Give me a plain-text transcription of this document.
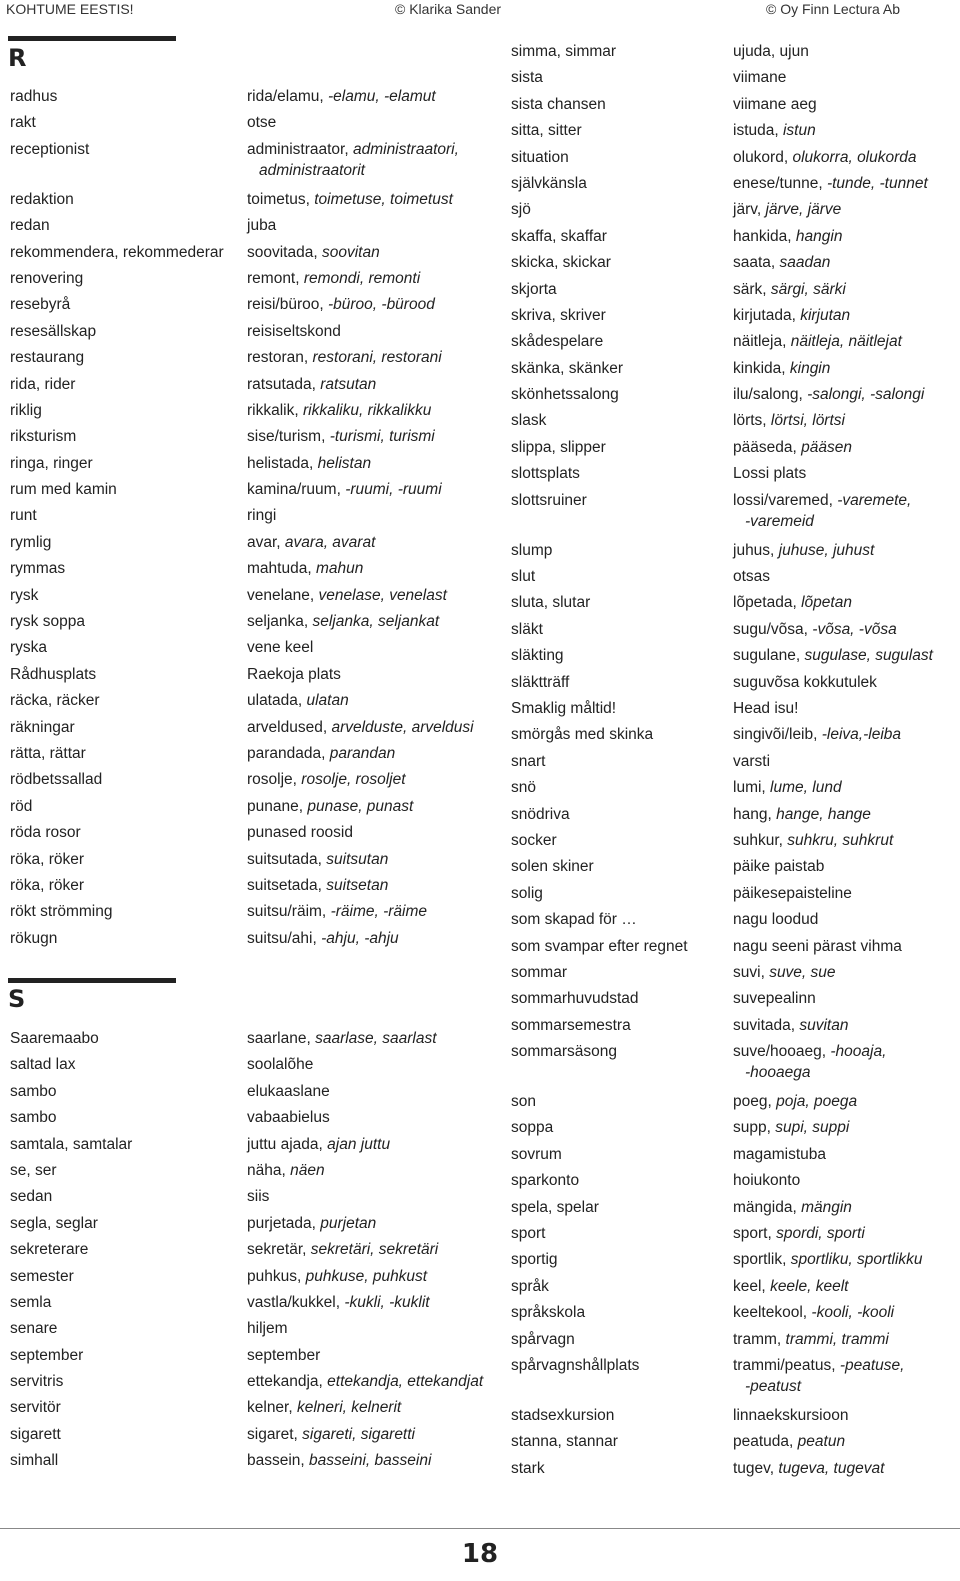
KOHTUME EESTIS!	© Klarika Sander	© Oy Finn Lectura Ab
R
radhus	rida/elamu, -elamu, -elamut
rakt	otse
receptionist	administraator, administraatori,
administraatorit
redaktion	toimetus, toimetuse, toimetust
redan	juba
rekommendera, rekommederar	soovitada, soovitan
renovering	remont, remondi, remonti
resebyrå	reisi/büroo, -büroo, -bürood
resesällskap	reisiseltskond
restaurang	restoran, restorani, restorani
rida, rider	ratsutada, ratsutan
riklig	rikkalik, rikkaliku, rikkalikku
riksturism	sise/turism, -turismi, turismi
ringa, ringer	helistada, helistan
rum med kamin	kamina/ruum, -ruumi, -ruumi
runt	ringi
rymlig	avar, avara, avarat
rymmas	mahtuda, mahun
rysk	venelane, venelase, venelast
rysk soppa	seljanka, seljanka, seljankat
ryska	vene keel
Rådhusplats	Raekoja plats
räcka, räcker	ulatada, ulatan
räkningar	arveldused, arvelduste, arveldusi
rätta, rättar	parandada, parandan
rödbetssallad	rosolje, rosolje, rosoljet
röd	punane, punase, punast
röda rosor	punased roosid
röka, röker	suitsutada, suitsutan
röka, röker	suitsetada, suitsetan
rökt strömming	suitsu/räim, -räime, -räime
rökugn	suitsu/ahi, -ahju, -ahju
S
Saaremaabo	saarlane, saarlase, saarlast
saltad lax	soolalõhe
sambo	elukaaslane
sambo	vabaabielus
samtala, samtalar	juttu ajada, ajan juttu
se, ser	näha, näen
sedan	siis
segla, seglar	purjetada, purjetan
sekreterare	sekretär, sekretäri, sekretäri
semester	puhkus, puhkuse, puhkust
semla	vastla/kukkel, -kukli, -kuklit
senare	hiljem
september	september
servitris	ettekandja, ettekandja, ettekandjat
servitör	kelner, kelneri, kelnerit
sigarett	sigaret, sigareti, sigaretti
simhall	bassein, basseini, basseini
simma, simmar	ujuda, ujun
sista	viimane
sista chansen	viimane aeg
sitta, sitter	istuda, istun
situation	olukord, olukorra, olukorda
självkänsla	enese/tunne, -tunde, -tunnet
sjö	järv, järve, järve
skaffa, skaffar	hankida, hangin
skicka, skickar	saata, saadan
skjorta	särk, särgi, särki
skriva, skriver	kirjutada, kirjutan
skådespelare	näitleja, näitleja, näitlejat
skänka, skänker	kinkida, kingin
skönhetssalong	ilu/salong, -salongi, -salongi
slask	lörts, lörtsi, lörtsi
slippa, slipper	pääseda, pääsen
slottsplats	Lossi plats
slottsruiner	lossi/varemed, -varemete,
-varemeid
slump	juhus, juhuse, juhust
slut	otsas
sluta, slutar	lõpetada, lõpetan
släkt	sugu/võsa, -võsa, -võsa
släkting	sugulane, sugulase, sugulast
släktträff	suguvõsa kokkutulek
Smaklig måltid!	Head isu!
smörgås med skinka	singivõi/leib, -leiva,-leiba
snart	varsti
snö	lumi, lume, lund
snödriva	hang, hange, hange
socker	suhkur, suhkru, suhkrut
solen skiner	päike paistab
solig	päikesepaisteline
som skapad för …	nagu loodud
som svampar efter regnet	nagu seeni pärast vihma
sommar	suvi, suve, sue
sommarhuvudstad	suvepealinn
sommarsemestra	suvitada, suvitan
sommarsäsong	suve/hooaeg, -hooaja,
-hooaega
son	poeg, poja, poega
soppa	supp, supi, suppi
sovrum	magamistuba
sparkonto	hoiukonto
spela, spelar	mängida, mängin
sport	sport, spordi, sporti
sportig	sportlik, sportliku, sportlikku
språk	keel, keele, keelt
språkskola	keeltekool, -kooli, -kooli
spårvagn	tramm, trammi, trammi
spårvagnshållplats	trammi/peatus, -peatuse,
-peatust
stadsexkursion	linnaekskursioon
stanna, stannar	peatuda, peatun
stark	tugev, tugeva, tugevat
18
